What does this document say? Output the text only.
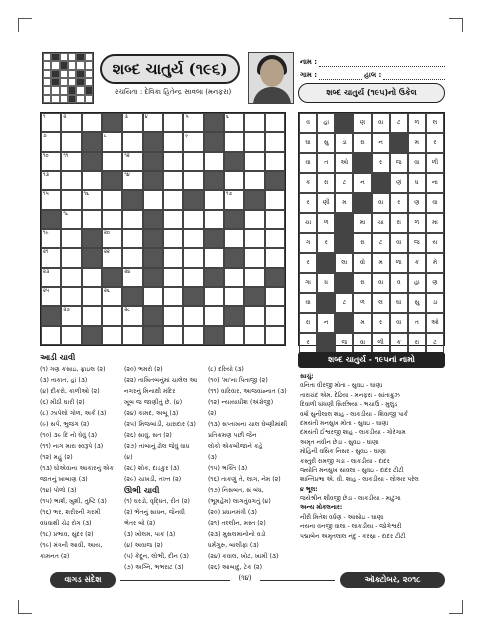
શબ્દ ચાતુર્ય (૧૯૬)
રચયિતા : દેવિકા હિતેન્દ્ર સાવલા (મનફરા)
નામ :
ગામ :	હાલ :
શબ્દ ચાતુર્ય (૧૯૫)નો ઉકેલ
૧	૨	૩	૪	૫	૬
૭	૮	૯
૧૦	૧૧	૧૨
૧૩	૧૪
૧૫	૧૬	૧૭
૧૮
૧૯	૨૦
૨૧	૨૨
૨૩	૨૪
૨૫	૨૬
૨૭	૨૮
વ	હા	ણ	વા	ટ	ળ	લ
ઘા	સુ	ડા	રા	ન	મ	ર
વા	ત	ઓ	ર	જ	વા	ળી
ક	રા	ટ	ન	ણં	ધ	ના
ર	ણી	મ	વા	ર	ણ	વા
ચા	ળ	મા	ચા	રા	ળ	મા
ગ	ર	રા	ટ	વા	જ	ય
ર	લા	વો	મ	ળા	ક	મે
ગા	ધ	રા	વા	વ	હા	ણ
વા	ટ	ળ	લ	ઘા	સુ	ડા
રા	ન	મ	ર	વા	ત	ઓ
ર	જ	વા	ળી	ક	રા	ટ
આડી ચાવી
(૧) ગણ કસાઇ, ફ્રાઇલ (૨)
(૩) તાકાત, હાં (૩)
(૪) દીકરો, કાળીઓ (૨)
(૬) મીઠી ઘારી (૨)
(૮) ઝાપેલો ગોળ, અર્ક (૩)
(૯) સર્પ, ભુજંગ (૨)
(૧૦) ૩૯ દિ નો ઘેવું (૩)
(૧૧) નાગ મારા સ્વરૂપે (૩)
(૧૨) મહું (૨)
(૧૩) ઘોએવાના આકારનું એક
જાતનું ખાબાણ (૩)
(૧૪) પોળો (૩)
(૧૫) ભાર્શ, ખુશી, તુષ્ટિ (૩)
(૧૬) ભર, શરીરની ગરમી
વધવાથી ચેઢ રોગ (૩)
(૧૮) પ્રભાવ, સુંદર (૨)
(૧૯) મંત્રની આવી, આય,
કામનત (૨)
(૨૦) ભમરો (૨)
(૨૨) તાખિતબનુંમાં ચાલેલ આ
નગરનું મિનાક્ષી મંદિર
ખૂબ જ જાણીતું છે. (૪)
(૨૪) કામદ, અબૂ (૩)
(૨૫) મિજબાંડી, ચારાદાર (૩)
(૨૬) સાવું, સત (૨)
(૨૭) તાંબાનું ઢોલ જેવું વાધ
(૪)
(૨૮) શોક, દાડકુર (૩)
(૨૯) ચાખડી, તખ્ત (૨)
ઊભી ચાવી
(૧) ઘરડો, વૃદ્ધિત, રીત (૨)
(૨) ભેંતનું સાધન, જૈનવી
ભેતર બો (૨)
(૩) ખોલમ, પાક (૩)
(૪) અવાજ (૨)
(૫) કેદૂન, લોભી, દીન (૩)
(૭) અગ્નિ, ભભરાટ (૩)
(૮) દરિયો (૩)
(૧૦) 'મા'ના પિતાજી (૨)
(૧૧) વારિવાર, આજવાહ્નાત (૩)
(૧૨) ન્યાયાધીશ (અંગ્રેજી)
(૨)
(૧૩) સપ્તાખના ચાલ ઘેષ્ણીમાંથી
પ્રતિક્રમણ પછી જૈન
લોકો એકબીજાને કહે
(૩)
(૧૫) ભક્તિ (૩)
(૧૬) તાકણું તે, લાગ, નેમ (૨)
(૧૭) નિસબત, સં બંધ,
(ભૂમહેમ) લાગતુંવગતું (૪)
(૨૦) પ્રધાનમંત્રી (૩)
(૨૧) તલ્લીન, મસ્ત (૨)
(૨૩) મુસલમાનોનો વડો
ધર્મગુરુ, બાલીફા (૩)
(૨૪) કવાલ, ખોટ, ખામી (૩)
(૨૬) આબાદુ, ટેક (૨)
શબ્દ ચાતુર્ય - ૧૯૫નાં નામો
સાચું:
વનિતા વીરજી મોતા - સુવઇ - ઘાણા
તારાચંદ એમ. દેઢિયા - મનફરા - સાંતાક્રુઝ
દિવાળી ધાંધણી સિરશ્રિયા - ભચાઉ - મુલુંડ
વર્ષા સુનીલાલ શાહ - લાકડીયા - શિવાજી પાર્ક
દમયંતી મનસુખ મોતા - સુવઇ - ઘાણા
દમયંતી ઈશ્વરજી શાહ - લાકડીયા - ગોરેગામ
અમૃત નવીન છેડા - સુવઇ - ઘાણા
મોહિની વસિક નિસર - સુવઇ - ઘાણા
કસ્તુરી રામજી ગડા - લાકડીયા - દાદર
જ્યોતિ મનસુખ સાવલા - સુવઇ - દાદર ટીટી
શાન્તિપ્રભા એ. વી. શાહ - લાકડીયા - લોઅર પરેલ
૪ ભૂલ:
જયેશ્રીન શીવજી છેડા - લાકડીયા - માટુંગા
અન્ય મોકલનાર:
નીરી મિતેશ વર્ધણ - આસોઇ - ઘાણા
નયના વનજી વાલા - લાકડીયા - જોગેશ્વરી
પદ્માબેન અમૃતલાલ નંદુ - કરસ્રા - દાદર ટીટી
વાગડ સંદેશ	(૧૪)	ઑક્ટોબર, ૨૦૧૮
